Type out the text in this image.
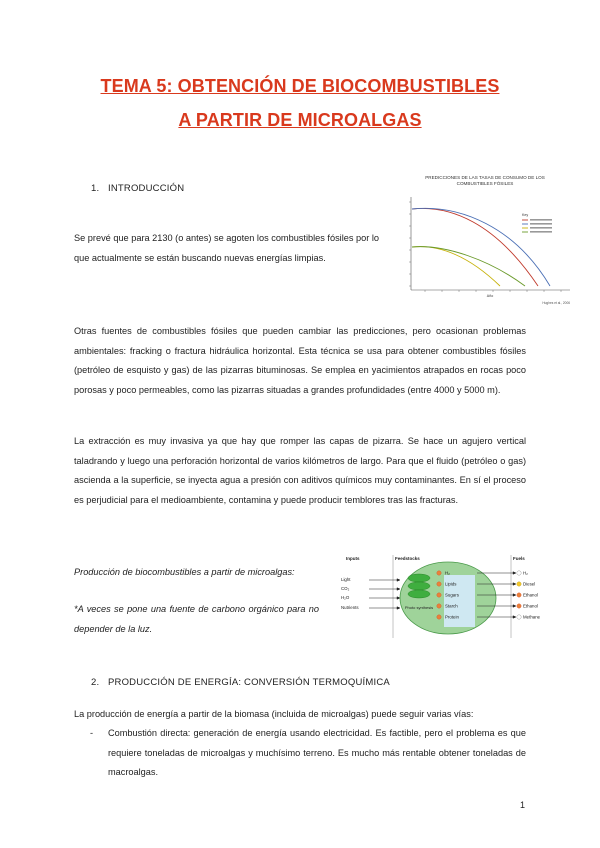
TEMA 5: OBTENCIÓN DE BIOCOMBUSTIBLES
A PARTIR DE MICROALGAS
1. INTRODUCCIÓN

Se prevé que para 2130 (o antes) se agoten los combustibles fósiles por lo que actualmente se están buscando nuevas energías limpias.

PREDICCIONES DE LAS TASAS DE CONSUMO DE LOS
COMBUSTIBLES FÓSILES
Key
Año
Hughes et al., 2006

Otras fuentes de combustibles fósiles que pueden cambiar las predicciones, pero ocasionan problemas ambientales: fracking o fractura hidráulica horizontal. Esta técnica se usa para obtener combustibles fósiles (petróleo de esquisto y gas) de las pizarras bituminosas. Se emplea en yacimientos atrapados en rocas poco porosas y poco permeables, como las pizarras situadas a grandes profundidades (entre 4000 y 5000 m).

La extracción es muy invasiva ya que hay que romper las capas de pizarra. Se hace un agujero vertical taladrando y luego una perforación horizontal de varios kilómetros de largo. Para que el fluido (petróleo o gas) ascienda a la superficie, se inyecta agua a presión con aditivos químicos muy contaminantes. En sí el proceso es perjudicial para el medioambiente, contamina y puede producir temblores tras las fracturas.

Producción de biocombustibles a partir de microalgas:

*A veces se pone una fuente de carbono orgánico para no depender de la luz.

Inputs	Feedstocks	Fuels
Light
CO₂
H₂O
Nutrients	Photo synthesis
H₂
Lipids
Sugars
Starch
Protein
H₂
Diesel
Ethanol
Ethanol
Methane
2. PRODUCCIÓN DE ENERGÍA: CONVERSIÓN TERMOQUÍMICA

La producción de energía a partir de la biomasa (incluida de microalgas) puede seguir varias vías:

- Combustión directa: generación de energía usando electricidad. Es factible, pero el problema es que requiere toneladas de microalgas y muchísimo terreno. Es mucho más rentable obtener toneladas de macroalgas.
1
